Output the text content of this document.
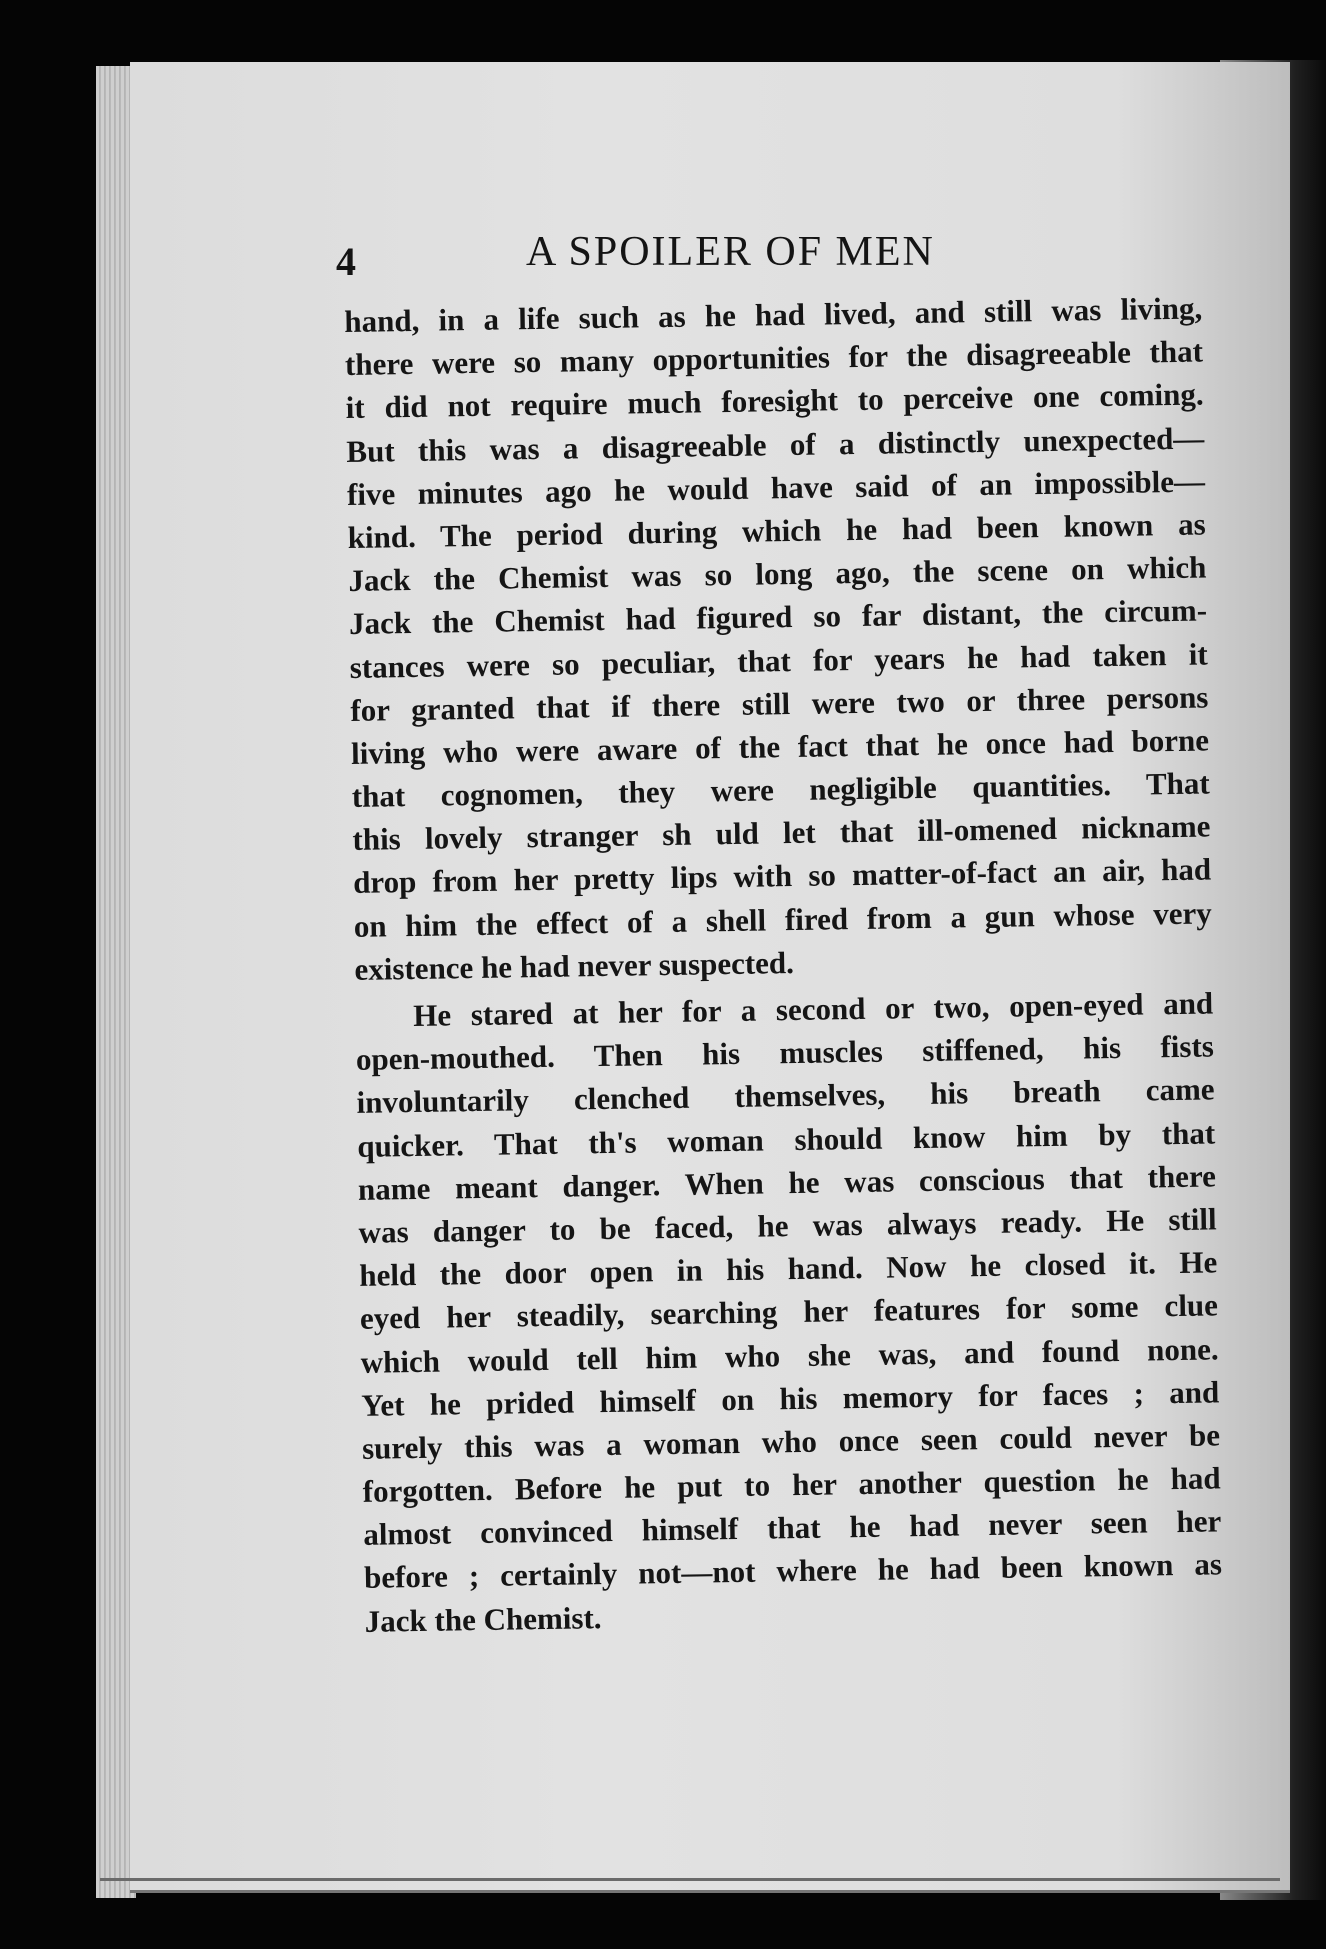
4	A SPOILER OF MEN
hand, in a life such as he had lived, and still was living,
there were so many opportunities for the disagreeable that
it did not require much foresight to perceive one coming.
But this was a disagreeable of a distinctly unexpected—
five minutes ago he would have said of an impossible—
kind. The period during which he had been known as
Jack the Chemist was so long ago, the scene on which
Jack the Chemist had figured so far distant, the circum-
stances were so peculiar, that for years he had taken it
for granted that if there still were two or three persons
living who were aware of the fact that he once had borne
that cognomen, they were negligible quantities. That
this lovely stranger sh uld let that ill-omened nickname
drop from her pretty lips with so matter-of-fact an air, had
on him the effect of a shell fired from a gun whose very
existence he had never suspected.
He stared at her for a second or two, open-eyed and
open-mouthed. Then his muscles stiffened, his fists
involuntarily clenched themselves, his breath came
quicker. That th's woman should know him by that
name meant danger. When he was conscious that there
was danger to be faced, he was always ready. He still
held the door open in his hand. Now he closed it. He
eyed her steadily, searching her features for some clue
which would tell him who she was, and found none.
Yet he prided himself on his memory for faces ; and
surely this was a woman who once seen could never be
forgotten. Before he put to her another question he had
almost convinced himself that he had never seen her
before ; certainly not—not where he had been known as
Jack the Chemist.
